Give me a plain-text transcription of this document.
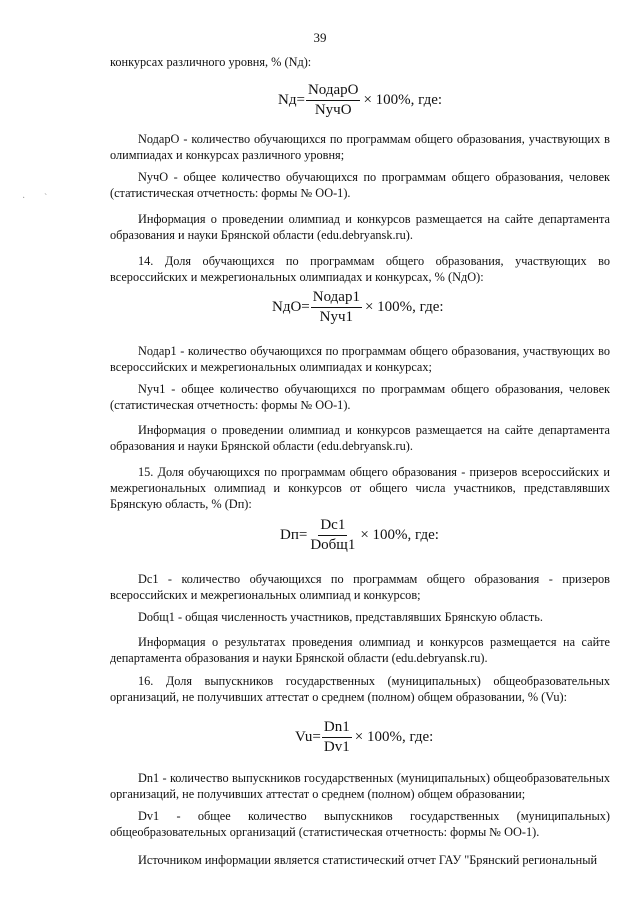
39
· `
конкурсах различного уровня, % (Nд):
$Nд= \frac{\text{NодарО}}{\text{NучО}} \times 100\%$, где:
NодарО - количество обучающихся по программам общего образования, участвующих в олимпиадах и конкурсах различного уровня;
NучО - общее количество обучающихся по программам общего образования, человек (статистическая отчетность: формы № ОО-1).
Информация о проведении олимпиад и конкурсов размещается на сайте департамента образования и науки Брянской области (edu.debryansk.ru).
14. Доля обучающихся по программам общего образования, участвующих во всероссийских и межрегиональных олимпиадах и конкурсах, % (NдО):
$NдО= \frac{\text{Nодар1}}{\text{Nуч1}} \times 100\%$, где:
Nодар1 - количество обучающихся по программам общего образования, участвующих во всероссийских и межрегиональных олимпиадах и конкурсах;
Nуч1 - общее количество обучающихся по программам общего образования, человек (статистическая отчетность: формы № ОО-1).
Информация о проведении олимпиад и конкурсов размещается на сайте департамента образования и науки Брянской области (edu.debryansk.ru).
15. Доля обучающихся по программам общего образования - призеров всероссийских и межрегиональных олимпиад и конкурсов от общего числа участников, представлявших Брянскую область, % (Dп):
$Dп= \frac{Dс1}{\text{Dобщ1}} \times 100\%$, где:
Dс1 - количество обучающихся по программам общего образования - призеров всероссийских и межрегиональных олимпиад и конкурсов;
Dобщ1 - общая численность участников, представлявших Брянскую область.
Информация о результатах проведения олимпиад и конкурсов размещается на сайте департамента образования и науки Брянской области (edu.debryansk.ru).
16. Доля выпускников государственных (муниципальных) общеобразовательных организаций, не получивших аттестат о среднем (полном) общем образовании, % (Vu):
$Vu= \frac{Dn1}{Dv1} \times 100\%$, где:
Dn1 - количество выпускников государственных (муниципальных) общеобразовательных организаций, не получивших аттестат о среднем (полном) общем образовании;
Dv1 - общее количество выпускников государственных (муниципальных) общеобразовательных организаций (статистическая отчетность: формы № ОО-1).
Источником информации является статистический отчет ГАУ "Брянский региональный
